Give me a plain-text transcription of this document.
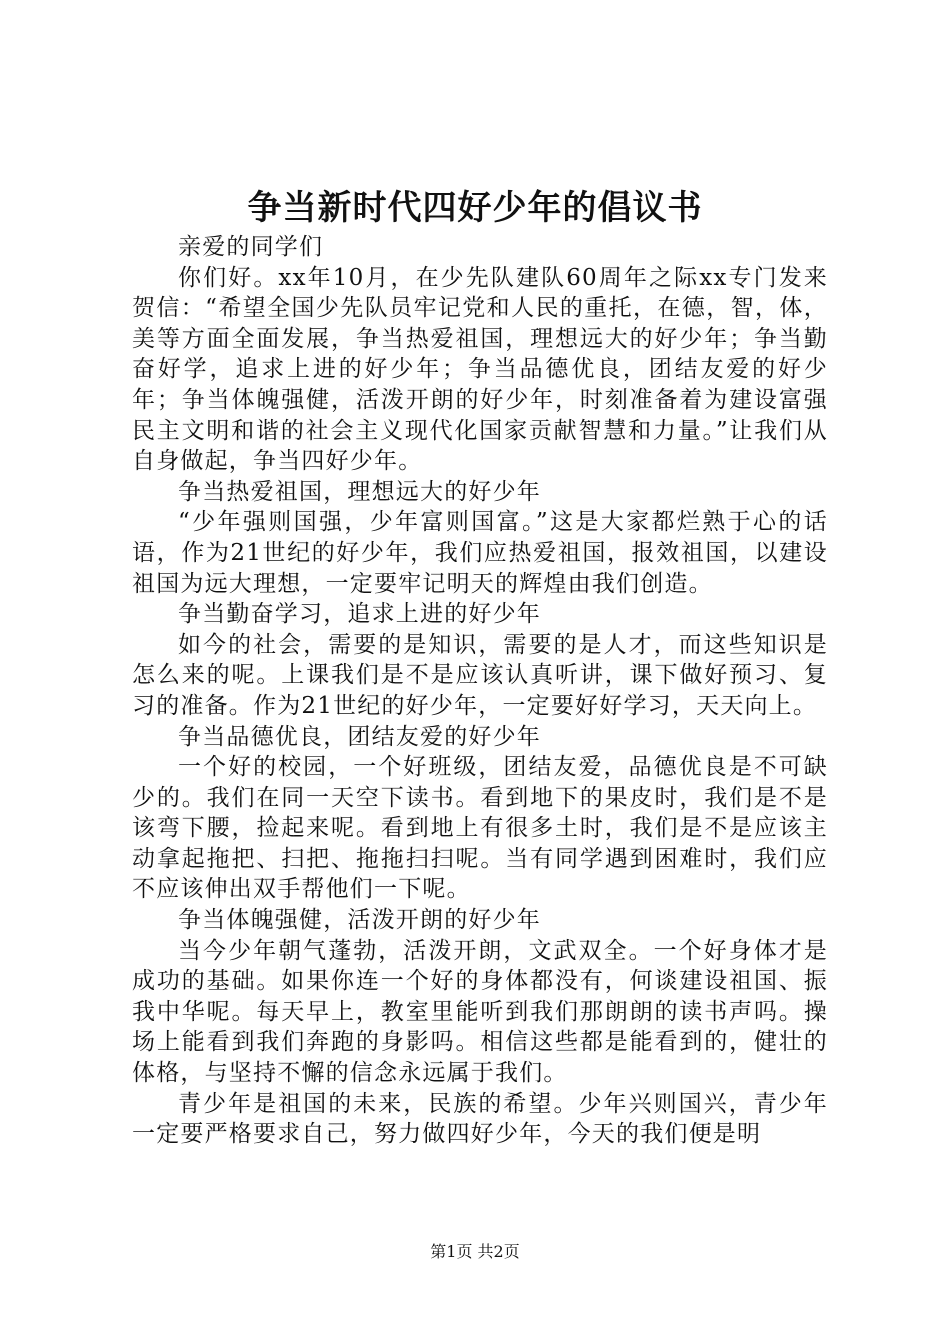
争当新时代四好少年的倡议书

亲爱的同学们

你们好。xx年10月，在少先队建队60周年之际xx专门发来贺信：“希望全国少先队员牢记党和人民的重托，在德，智，体，美等方面全面发展，争当热爱祖国，理想远大的好少年；争当勤奋好学，追求上进的好少年；争当品德优良，团结友爱的好少年；争当体魄强健，活泼开朗的好少年，时刻准备着为建设富强民主文明和谐的社会主义现代化国家贡献智慧和力量。”让我们从自身做起，争当四好少年。

争当热爱祖国，理想远大的好少年

“少年强则国强，少年富则国富。”这是大家都烂熟于心的话语，作为21世纪的好少年，我们应热爱祖国，报效祖国，以建设祖国为远大理想，一定要牢记明天的辉煌由我们创造。

争当勤奋学习，追求上进的好少年

如今的社会，需要的是知识，需要的是人才，而这些知识是怎么来的呢。上课我们是不是应该认真听讲，课下做好预习、复习的准备。作为21世纪的好少年，一定要好好学习，天天向上。

争当品德优良，团结友爱的好少年

一个好的校园，一个好班级，团结友爱，品德优良是不可缺少的。我们在同一天空下读书。看到地下的果皮时，我们是不是该弯下腰，捡起来呢。看到地上有很多土时，我们是不是应该主动拿起拖把、扫把、拖拖扫扫呢。当有同学遇到困难时，我们应不应该伸出双手帮他们一下呢。

争当体魄强健，活泼开朗的好少年

当今少年朝气蓬勃，活泼开朗，文武双全。一个好身体才是成功的基础。如果你连一个好的身体都没有，何谈建设祖国、振我中华呢。每天早上，教室里能听到我们那朗朗的读书声吗。操场上能看到我们奔跑的身影吗。相信这些都是能看到的，健壮的体格，与坚持不懈的信念永远属于我们。

青少年是祖国的未来，民族的希望。少年兴则国兴，青少年一定要严格要求自己，努力做四好少年，今天的我们便是明

第1页 共2页
